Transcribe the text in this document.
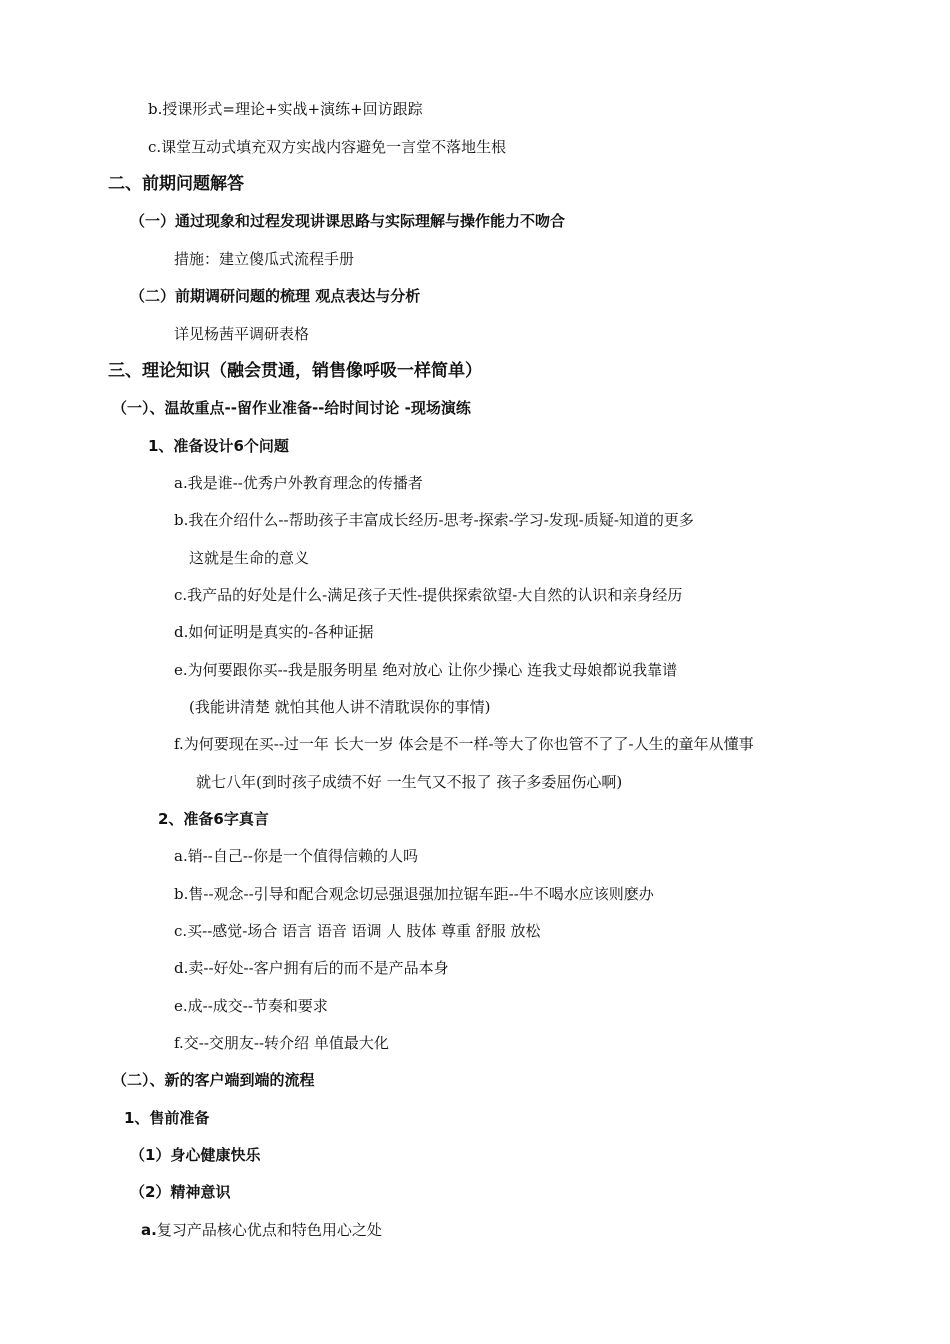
b.授课形式=理论+实战+演练+回访跟踪
c.课堂互动式填充双方实战内容避免一言堂不落地生根
二、前期问题解答
（一）通过现象和过程发现讲课思路与实际理解与操作能力不吻合
措施：建立傻瓜式流程手册
（二）前期调研问题的梳理 观点表达与分析
详见杨茜平调研表格
三、理论知识（融会贯通，销售像呼吸一样简单）
（一）、温故重点--留作业准备--给时间讨论 -现场演练
1、准备设计6个问题
a.我是谁--优秀户外教育理念的传播者
b.我在介绍什么--帮助孩子丰富成长经历-思考-探索-学习-发现-质疑-知道的更多
这就是生命的意义
c.我产品的好处是什么-满足孩子天性-提供探索欲望-大自然的认识和亲身经历
d.如何证明是真实的-各种证据
e.为何要跟你买--我是服务明星 绝对放心 让你少操心 连我丈母娘都说我靠谱
(我能讲清楚 就怕其他人讲不清耽误你的事情)
f.为何要现在买--过一年 长大一岁 体会是不一样-等大了你也管不了了-人生的童年从懂事
就七八年(到时孩子成绩不好 一生气又不报了 孩子多委屈伤心啊)
2、准备6字真言
a.销--自己--你是一个值得信赖的人吗
b.售--观念--引导和配合观念切忌强退强加拉锯车距--牛不喝水应该则麽办
c.买--感觉-场合 语言 语音 语调 人 肢体 尊重 舒服 放松
d.卖--好处--客户拥有后的而不是产品本身
e.成--成交--节奏和要求
f.交--交朋友--转介绍 单值最大化
（二）、新的客户端到端的流程
1、售前准备
（1）身心健康快乐
（2）精神意识
a.复习产品核心优点和特色用心之处
